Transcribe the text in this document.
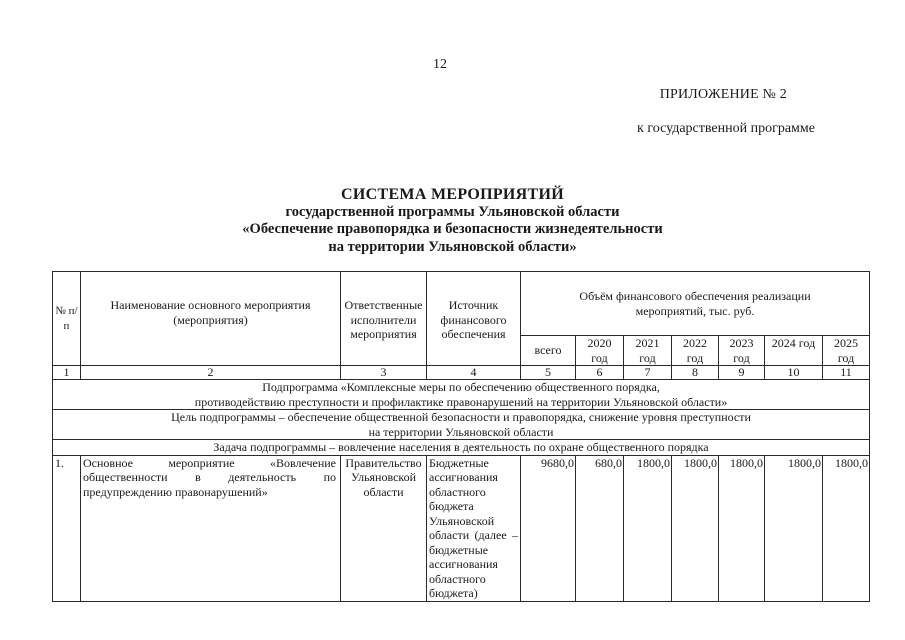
12
ПРИЛОЖЕНИЕ № 2
к государственной программе
СИСТЕМА МЕРОПРИЯТИЙ
государственной программы Ульяновской области
«Обеспечение правопорядка и безопасности жизнедеятельности
на территории Ульяновской области»
№ п/п	Наименование основного мероприятия (мероприятия)	Ответственные исполнители мероприятия	Источник финансового обеспечения	Объём финансового обеспечения реализации мероприятий, тыс. руб.						
				всего	2020 год	2021 год	2022 год	2023 год	2024 год	2025 год
1	2	3	4	5	6	7	8	9	10	11

Подпрограмма «Комплексные меры по обеспечению общественного порядка,
противодействию преступности и профилактике правонарушений на территории Ульяновской области»										

Цель подпрограммы – обеспечение общественной безопасности и правопорядка, снижение уровня преступности
на территории Ульяновской области										

Задача подпрограммы – вовлечение населения в деятельность по охране общественного порядка										
1.	Основное мероприятие «Вовлечение общественности в деятельность по предупреждению правонарушений»	Правительство Ульяновской области	Бюджетные ассигнования областного бюджета Ульяновской области (далее – бюджетные ассигнования областного бюджета)	9680,0	680,0	1800,0	1800,0	1800,0	1800,0	1800,0
